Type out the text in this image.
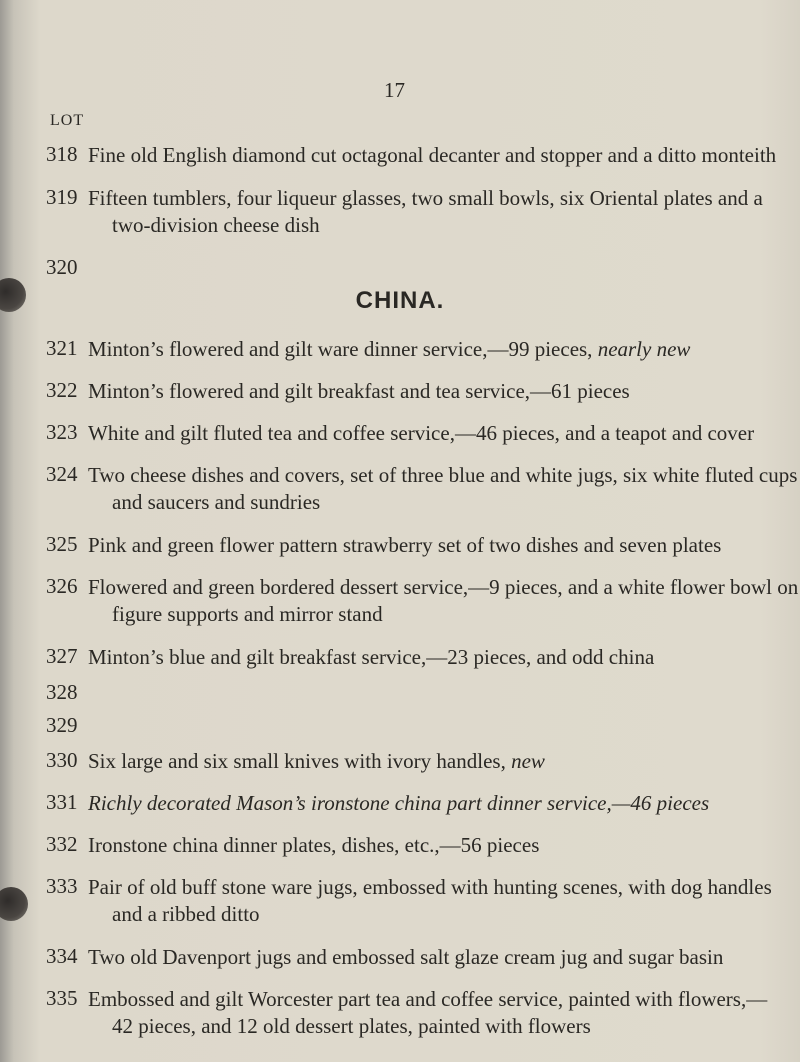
17
LOT
318 Fine old English diamond cut octagonal decanter and stopper and a ditto monteith
319 Fifteen tumblers, four liqueur glasses, two small bowls, six Oriental plates and a
two-division cheese dish
320
CHINA.
321 Minton’s flowered and gilt ware dinner service,—99 pieces, nearly new
322 Minton’s flowered and gilt breakfast and tea service,—61 pieces
323 White and gilt fluted tea and coffee service,—46 pieces, and a teapot and cover
324 Two cheese dishes and covers, set of three blue and white jugs, six white fluted cups
and saucers and sundries
325 Pink and green flower pattern strawberry set of two dishes and seven plates
326 Flowered and green bordered dessert service,—9 pieces, and a white flower bowl on
figure supports and mirror stand
327 Minton’s blue and gilt breakfast service,—23 pieces, and odd china
328
329
330 Six large and six small knives with ivory handles, new
331 Richly decorated Mason’s ironstone china part dinner service,—46 pieces
332 Ironstone china dinner plates, dishes, etc.,—56 pieces
333 Pair of old buff stone ware jugs, embossed with hunting scenes, with dog handles
and a ribbed ditto
334 Two old Davenport jugs and embossed salt glaze cream jug and sugar basin
335 Embossed and gilt Worcester part tea and coffee service, painted with flowers,—
42 pieces, and 12 old dessert plates, painted with flowers
